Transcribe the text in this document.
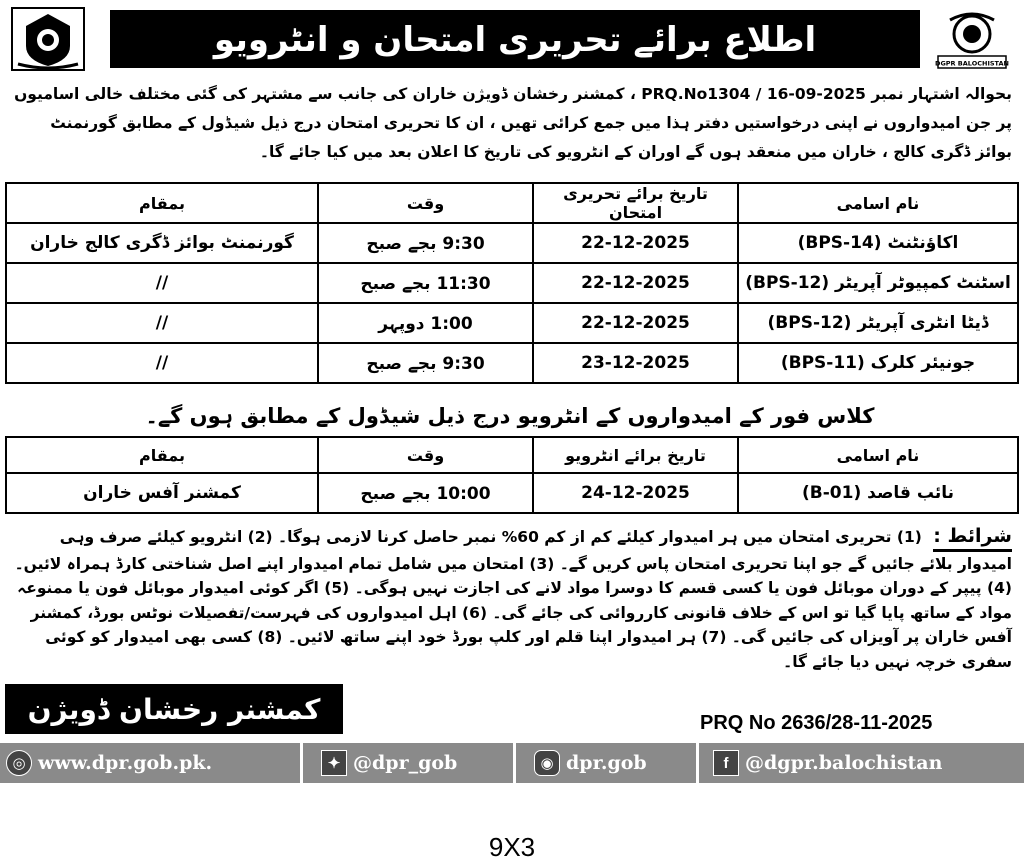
اطلاع برائے تحریری امتحان و انٹرویو
DGPR BALOCHISTAN
بحوالہ اشتہار نمبر PRQ.No1304 / 16-09-2025 ، کمشنر رخشان ڈویژن خاران کی جانب سے مشتہر کی گئی مختلف خالی اسامیوں پر جن امیدواروں نے اپنی درخواستیں دفتر ہذا میں جمع کرائی تھیں ، ان کا تحریری امتحان درج ذیل شیڈول کے مطابق گورنمنٹ بوائز ڈگری کالج ، خاران میں منعقد ہوں گے اوران کے انٹرویو کی تاریخ کا اعلان بعد میں کیا جائے گا۔
نام اسامی	تاریخ برائے تحریری امتحان	وقت	بمقام
اکاؤنٹنٹ (BPS-14)	22-12-2025	9:30 بجے صبح	گورنمنٹ بوائز ڈگری کالج خاران
اسٹنٹ کمپیوٹر آپریٹر (BPS-12)	22-12-2025	11:30 بجے صبح	//
ڈیٹا انٹری آپریٹر (BPS-12)	22-12-2025	1:00 دوپہر	//
جونیئر کلرک (BPS-11)	23-12-2025	9:30 بجے صبح	//
کلاس فور کے امیدواروں کے انٹرویو درج ذیل شیڈول کے مطابق ہوں گے۔
نام اسامی	تاریخ برائے انٹرویو	وقت	بمقام
نائب قاصد (B-01)	24-12-2025	10:00 بجے صبح	کمشنر آفس خاران
شرائط : (1) تحریری امتحان میں ہر امیدوار کیلئے کم از کم 60% نمبر حاصل کرنا لازمی ہوگا۔ (2) انٹرویو کیلئے صرف وہی امیدوار بلائے جائیں گے جو اپنا تحریری امتحان پاس کریں گے۔ (3) امتحان میں شامل تمام امیدوار اپنے اصل شناختی کارڈ ہمراہ لائیں۔ (4) پیپر کے دوران موبائل فون یا کسی قسم کا دوسرا مواد لانے کی اجازت نہیں ہوگی۔ (5) اگر کوئی امیدوار موبائل فون یا ممنوعہ مواد کے ساتھ پایا گیا تو اس کے خلاف قانونی کارروائی کی جائے گی۔ (6) اہل امیدواروں کی فہرست/تفصیلات نوٹس بورڈ، کمشنر آفس خاران پر آویزاں کی جائیں گی۔ (7) ہر امیدوار اپنا قلم اور کلپ بورڈ خود اپنے ساتھ لائیں۔ (8) کسی بھی امیدوار کو کوئی سفری خرچہ نہیں دیا جائے گا۔
کمشنر رخشان ڈویژن	PRQ No 2636/28-11-2025
◎ www.dpr.gob.pk.	✦ @dpr_gob	◉ dpr.gob	f @dgpr.balochistan
9X3
